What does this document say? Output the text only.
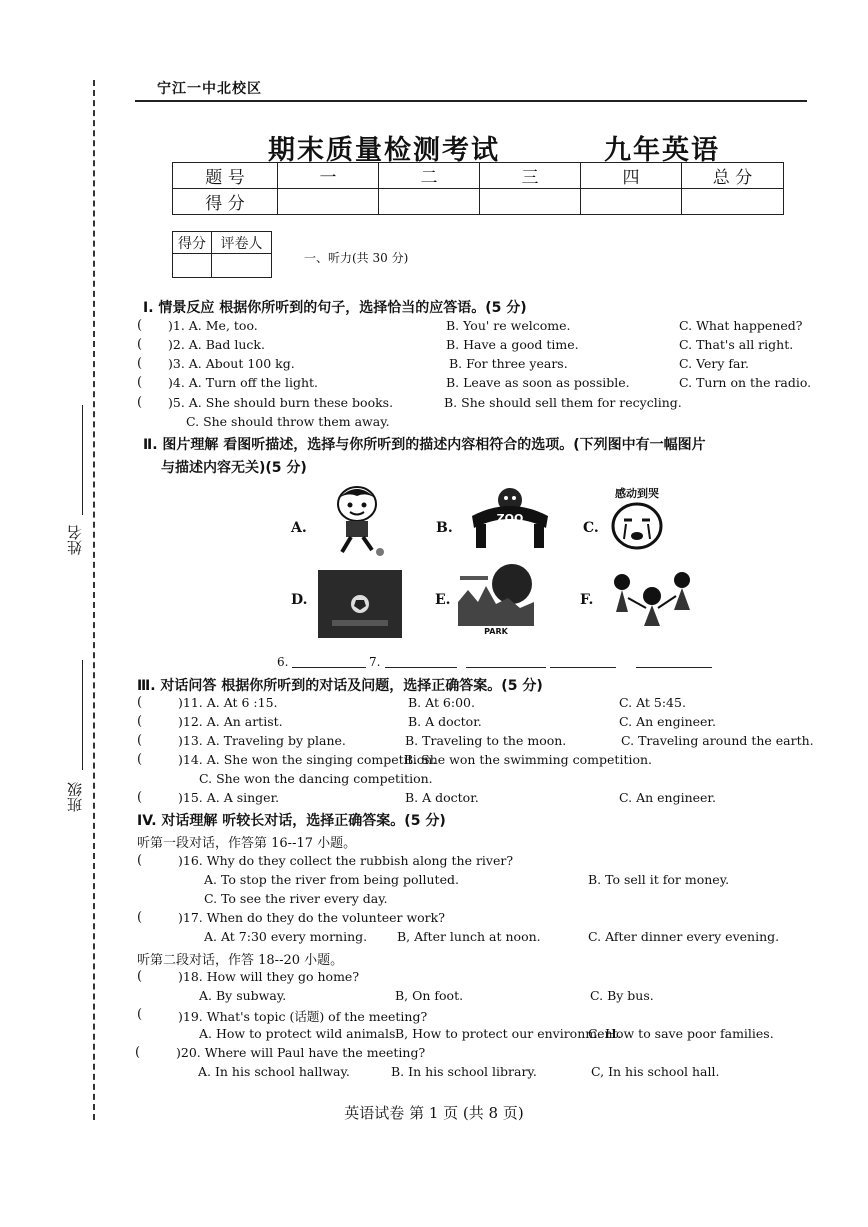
姓名
班级
宁江一中北校区
期末质量检测考试	九年英语
题 号	一	二	三	四	总 分
得 分					
得分	评卷人

一、听力(共 30 分)
Ⅰ. 情景反应 根据你所听到的句子，选择恰当的应答语。(5 分)
( )1. A. Me, too.	B. You' re welcome.	C. What happened?
( )2. A. Bad luck.	B. Have a good time.	C. That's all right.
( )3. A. About 100 kg.	B. For three years.	C. Very far.
( )4. A. Turn off the light.	B. Leave as soon as possible.	C. Turn on the radio.
( )5. A. She should burn these books.	B. She should sell them for recycling.
C. She should throw them away.
Ⅱ. 图片理解 看图听描述，选择与你所听到的描述内容相符合的选项。(下列图中有一幅图片
与描述内容无关)(5 分)
A.	B.
ZOO
C.
感动到哭
D.	E.
PARK
F.
6.	7.
Ⅲ. 对话问答 根据你所听到的对话及问题，选择正确答案。(5 分)
(	)11. A. At 6 :15.	B. At 6:00.	C. At 5:45.
(	)12. A. An artist.	B. A doctor.	C. An engineer.
(	)13. A. Traveling by plane.	B. Traveling to the moon.	C. Traveling around the earth.
(	)14. A. She won the singing competition.
B. She won the swimming competition.
C. She won the dancing competition.
(	)15. A. A singer.	B. A doctor.	C. An engineer.
IV. 对话理解 听较长对话，选择正确答案。(5 分)
听第一段对话，作答第 16--17 小题。
(	)16. Why do they collect the rubbish along the river?
A. To stop the river from being polluted.	B. To sell it for money.
C. To see the river every day.
(	)17. When do they do the volunteer work?
A. At 7:30 every morning. B, After lunch at noon.	C. After dinner every evening.
听第二段对话，作答 18--20 小题。
(	)18. How will they go home?
A. By subway.	B, On foot.	C. By bus.
(	)19. What's topic (话题) of the meeting?
A. How to protect wild animals.
B, How to protect our environment.
C. How to save poor families.
(	)20. Where will Paul have the meeting?
A. In his school hallway.	B. In his school library.	C, In his school hall.
英语试卷 第 1 页 (共 8 页)
